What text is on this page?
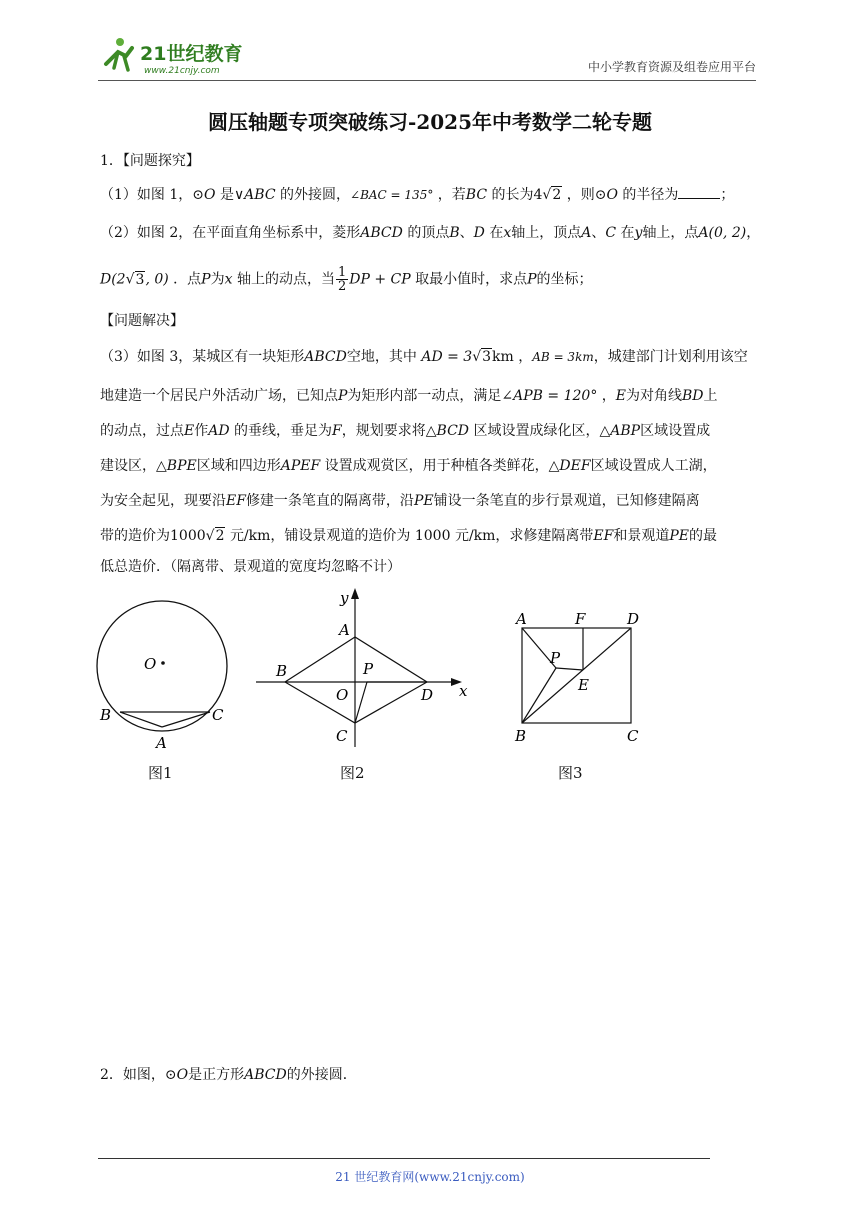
21世纪教育
www.21cnjy.com	中小学教育资源及组卷应用平台
圆压轴题专项突破练习-2025年中考数学二轮专题
1．【问题探究】
（1）如图 1，⊙O 是∨ABC 的外接圆，∠BAC = 135° ，若BC 的长为4√2 ，则⊙O 的半径为	；
（2）如图 2，在平面直角坐标系中，菱形ABCD 的顶点B、D 在x轴上，顶点A、C 在y轴上，点A(0, 2)，
D(2√3, 0) ．点P为x 轴上的动点，当 $\frac{1}{2}$ DP + CP 取最小值时，求点P的坐标；
【问题解决】
（3）如图 3，某城区有一块矩形ABCD空地，其中 AD = 3√3km ，AB = 3km，城建部门计划利用该空
地建造一个居民户外活动广场，已知点P为矩形内部一动点，满足∠APB = 120° ，E为对角线BD上
的动点，过点E作AD 的垂线，垂足为F，规划要求将△BCD 区域设置成绿化区，△ABP区域设置成
建设区，△BPE区域和四边形APEF 设置成观赏区，用于种植各类鲜花，△DEF区域设置成人工湖，
为安全起见，现要沿EF修建一条笔直的隔离带，沿PE铺设一条笔直的步行景观道，已知修建隔离
带的造价为1000√2 元/km，铺设景观道的造价为 1000 元/km，求修建隔离带EF和景观道PE的最
低总造价．（隔离带、景观道的宽度均忽略不计）
O
B	C
A
图1
y
A
B	P
O	D x
C
图2
A	F	D
P
E
B	C
图3
2．如图，⊙O是正方形ABCD的外接圆．
21 世纪教育网(www.21cnjy.com)
